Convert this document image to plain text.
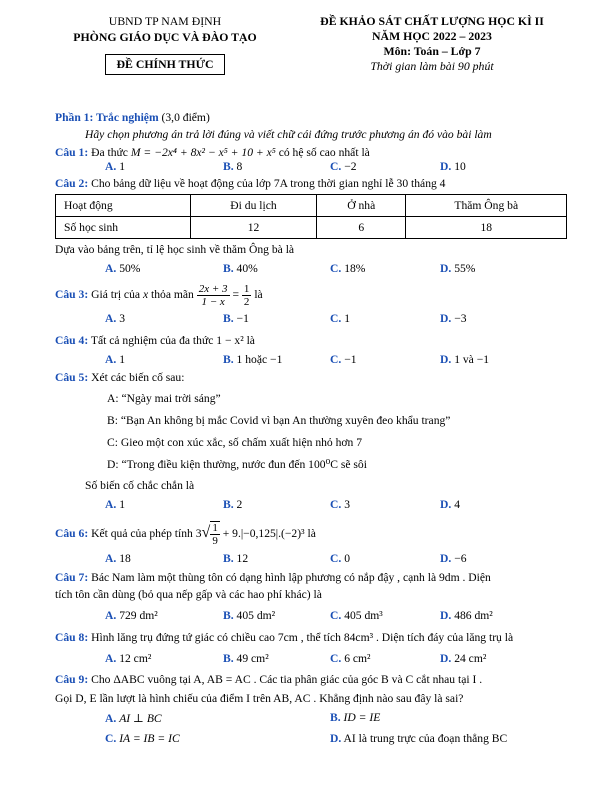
UBND TP NAM ĐỊNH
PHÒNG GIÁO DỤC VÀ ĐÀO TẠO
ĐỀ CHÍNH THỨC
ĐỀ KHẢO SÁT CHẤT LƯỢNG HỌC KÌ II
NĂM HỌC 2022 – 2023
Môn: Toán – Lớp 7
Thời gian làm bài 90 phút
Phần 1: Trắc nghiệm (3,0 điểm)
Hãy chọn phương án trả lời đúng và viết chữ cái đứng trước phương án đó vào bài làm
Câu 1: Đa thức M = −2x⁴ + 8x² − x⁵ + 10 + x⁵ có hệ số cao nhất là
A. 1	B. 8	C. −2	D. 10
Câu 2: Cho bảng dữ liệu về hoạt động của lớp 7A trong thời gian nghỉ lễ 30 tháng 4
Hoạt động	Đi du lịch	Ở nhà	Thăm Ông bà
Số học sinh	12	6	18
Dựa vào bảng trên, tỉ lệ học sinh về thăm Ông bà là
A. 50%	B. 40%	C. 18%	D. 55%
Câu 3: Giá trị của x thỏa mãn $\frac{2x + 3}{1 - x} = \frac{1}{2}$ là
A. 3	B. −1	C. 1	D. −3
Câu 4: Tất cả nghiệm của đa thức 1 − x² là
A. 1	B. 1 hoặc −1	C. −1	D. 1 và −1
Câu 5: Xét các biến cố sau:
A: “Ngày mai trời sáng”
B: “Bạn An không bị mắc Covid vì bạn An thường xuyên đeo khẩu trang”
C: Gieo một con xúc xắc, số chấm xuất hiện nhỏ hơn 7
D: “Trong điều kiện thường, nước đun đến 100⁰C sẽ sôi
Số biến cố chắc chắn là
A. 1	B. 2	C. 3	D. 4
Câu 6: Kết quả của phép tính $3√ \frac{1}{9} + 9.|-0,125|.(-2)^3$ là
A. 18	B. 12	C. 0	D. −6
Câu 7: Bác Nam làm một thùng tôn có dạng hình lập phương có nắp đậy , cạnh là 9dm . Diện
tích tôn cần dùng (bỏ qua nếp gấp và các hao phí khác) là
A. 729 dm²	B. 405 dm²	C. 405 dm³	D. 486 dm²
Câu 8: Hình lăng trụ đứng tứ giác có chiều cao 7cm , thể tích 84cm³ . Diện tích đáy của lăng trụ là
A. 12 cm²	B. 49 cm²	C. 6 cm²	D. 24 cm²
Câu 9: Cho ΔABC vuông tại A, AB = AC . Các tia phân giác của góc B và C cắt nhau tại I .
Gọi D, E lần lượt là hình chiếu của điểm I trên AB, AC . Khẳng định nào sau đây là sai?
A. AI ⊥ BC	B. ID = IE
C. IA = IB = IC	D. AI là trung trực của đoạn thẳng BC
